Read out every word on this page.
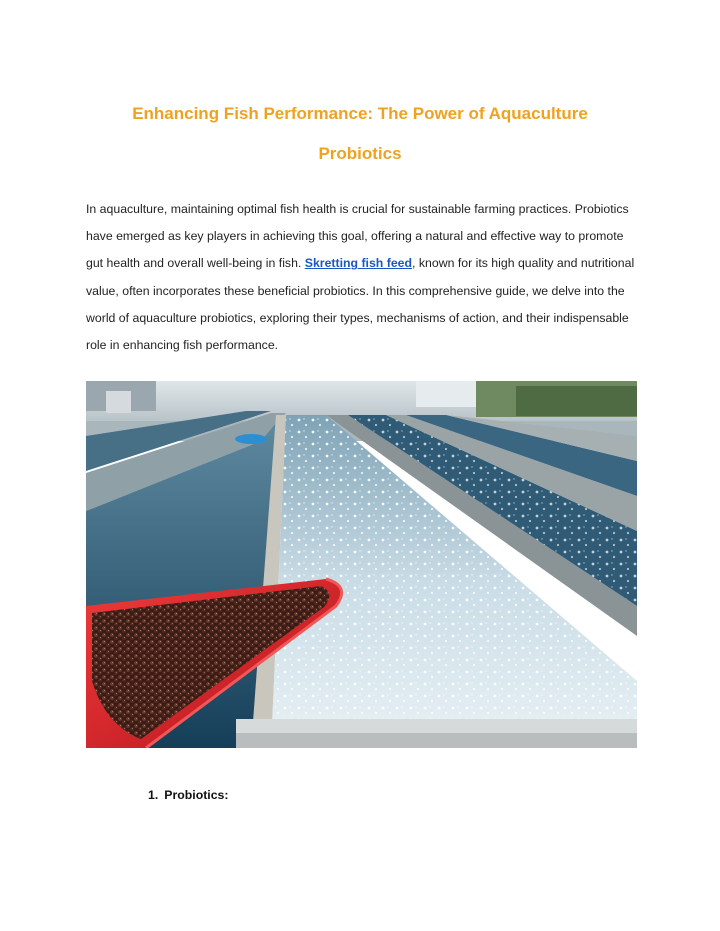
Enhancing Fish Performance: The Power of Aquaculture
Probiotics

In aquaculture, maintaining optimal fish health is crucial for sustainable farming practices. Probiotics have emerged as key players in achieving this goal, offering a natural and effective way to promote gut health and overall well-being in fish. Skretting fish feed, known for its high quality and nutritional value, often incorporates these beneficial probiotics. In this comprehensive guide, we delve into the world of aquaculture probiotics, exploring their types, mechanisms of action, and their indispensable role in enhancing fish performance.

1. Probiotics:
